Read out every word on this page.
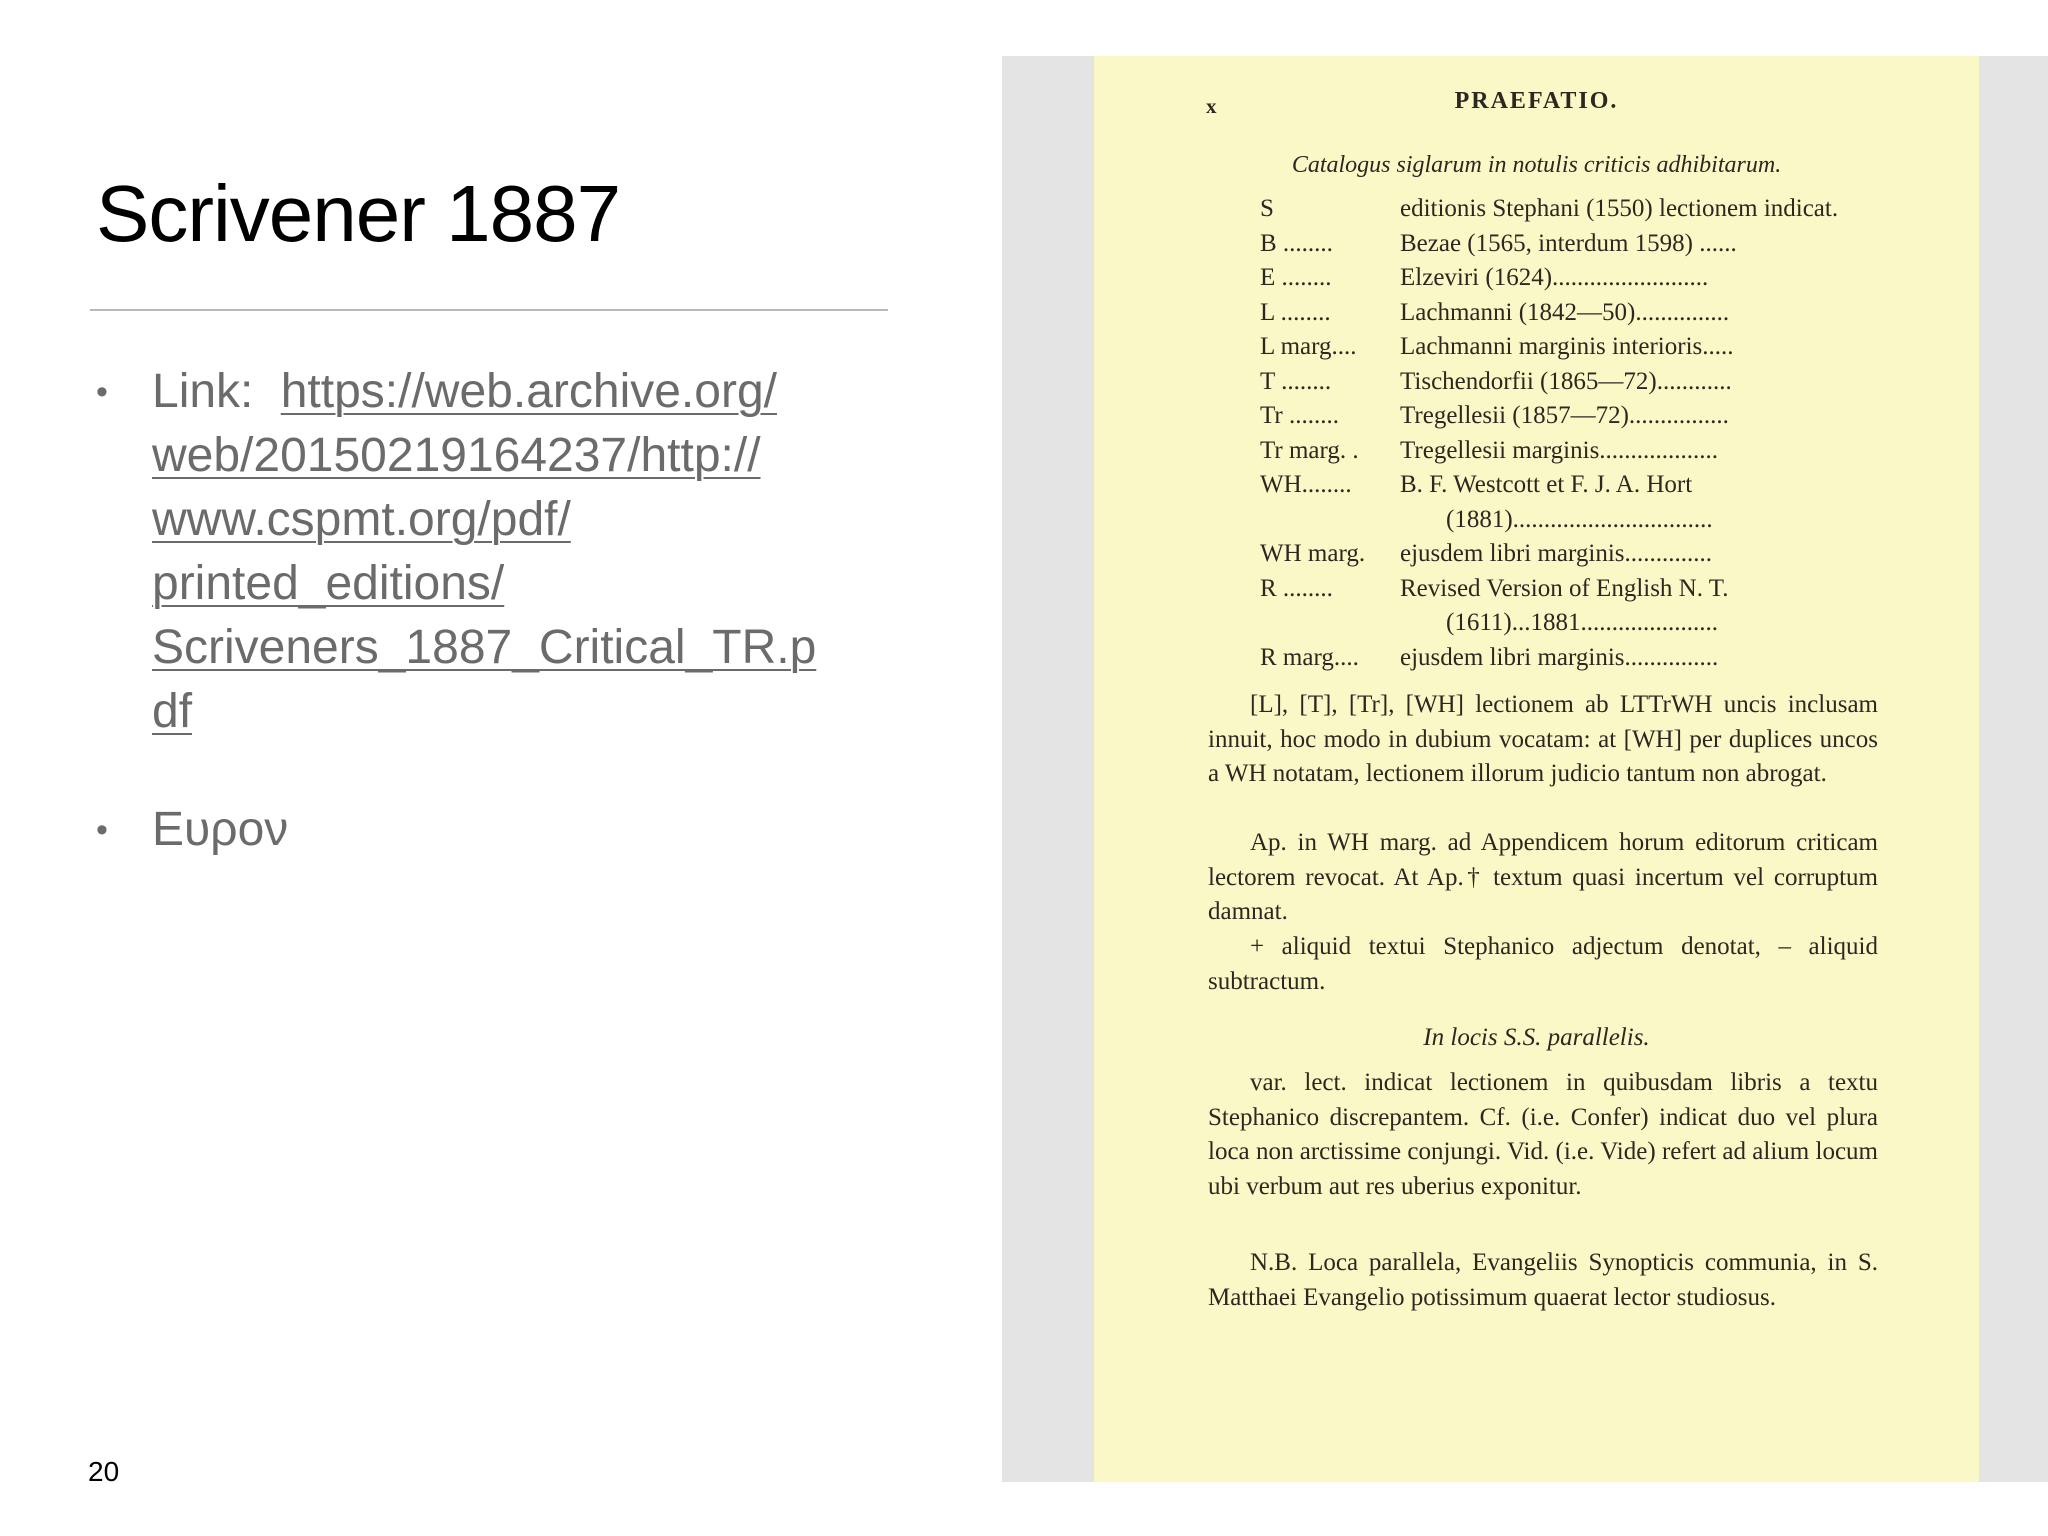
Scrivener 1887
• Link: https://web.archive.org/
web/20150219164237/http://
www.cspmt.org/pdf/
printed_editions/
Scriveners_1887_Critical_TR.p
df
• Ευρον
20
x	PRAEFATIO.
Catalogus siglarum in notulis criticis adhibitarum.
S	editionis Stephani (1550) lectionem indicat.
B ........	Bezae (1565, interdum 1598) ......
E ........	Elzeviri (1624).........................
L ........	Lachmanni (1842—50)...............
L marg.... Lachmanni marginis interioris.....
T ........	Tischendorfii (1865—72)............
Tr ........ Tregellesii (1857—72)................
Tr marg. . Tregellesii marginis...................
WH........ B. F. Westcott et F. J. A. Hort
(1881)................................
WH marg. ejusdem libri marginis..............
R ........	Revised Version of English N. T.
(1611)...1881......................
R marg.... ejusdem libri marginis...............
[L], [T], [Tr], [WH] lectionem ab LTTrWH uncis inclusam innuit, hoc modo in dubium vocatam: at [WH] per duplices uncos a WH notatam, lectionem illorum judicio tantum non abrogat.
Ap. in WH marg. ad Appendicem horum editorum criticam lectorem revocat. At Ap.† textum quasi incertum vel corruptum damnat.
+ aliquid textui Stephanico adjectum denotat, – aliquid subtractum.
In locis S.S. parallelis.
var. lect. indicat lectionem in quibusdam libris a textu Stephanico discrepantem. Cf. (i.e. Confer) indicat duo vel plura loca non arctissime conjungi. Vid. (i.e. Vide) refert ad alium locum ubi verbum aut res uberius exponitur.
N.B. Loca parallela, Evangeliis Synopticis communia, in S. Matthaei Evangelio potissimum quaerat lector studiosus.
